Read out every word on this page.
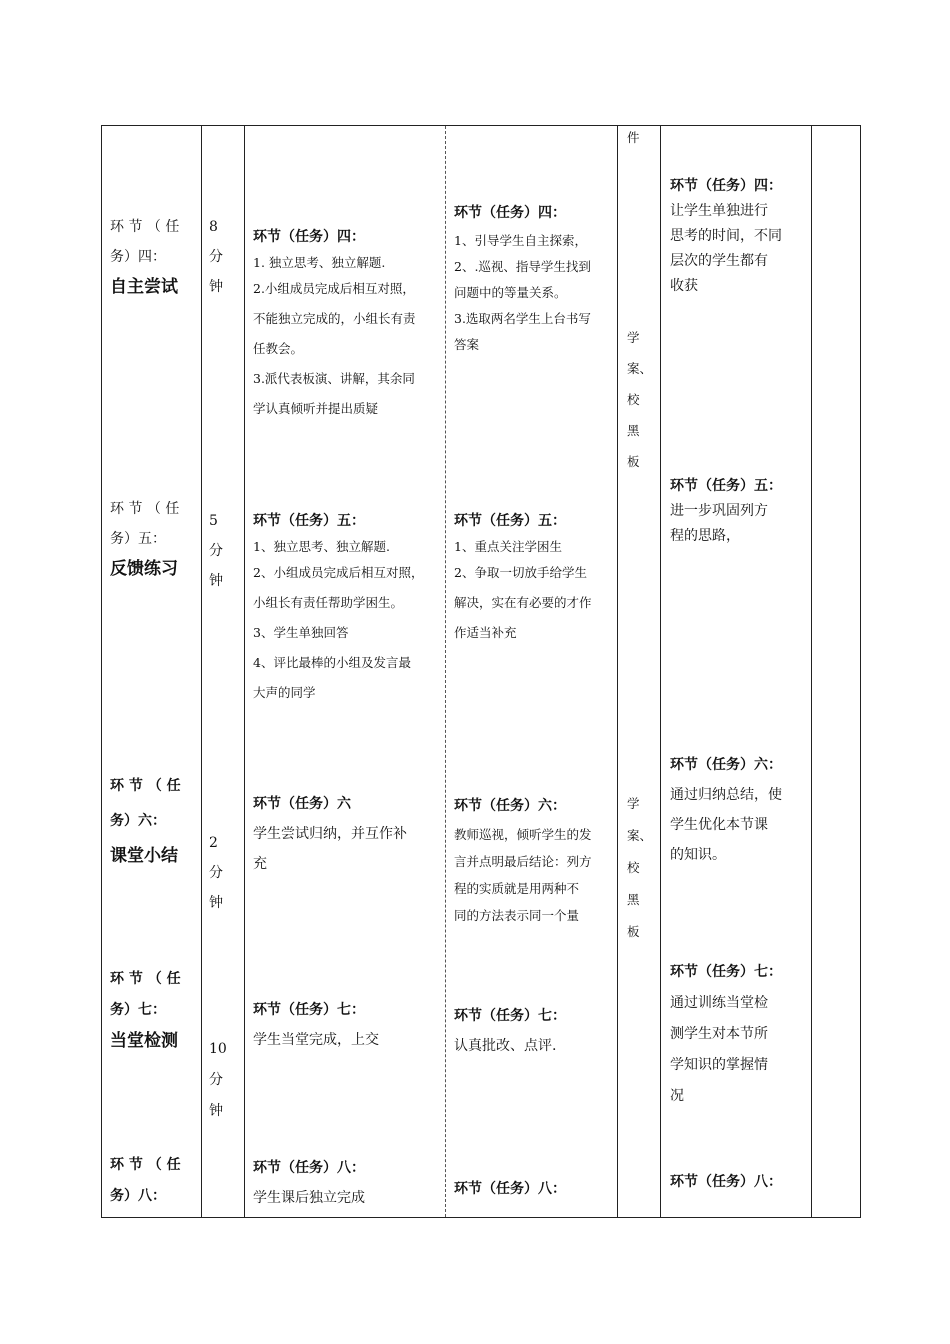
环 节 （ 任
务）四：
自主尝试
环 节 （ 任
务）五：
反馈练习
环 节 （ 任
务）六：
课堂小结
环 节 （ 任
务）七：
当堂检测
环 节 （ 任
务）八：
8
分
钟
5
分
钟
2
分
钟
10
分
钟
环节（任务）四：
1. 独立思考、独立解题.
2.小组成员完成后相互对照，
不能独立完成的，小组长有责
任教会。
3.派代表板演、讲解，其余同
学认真倾听并提出质疑
环节（任务）五：
1、独立思考、独立解题.
2、小组成员完成后相互对照，
小组长有责任帮助学困生。
3、学生单独回答
4、评比最棒的小组及发言最
大声的同学
环节（任务）六
学生尝试归纳，并互作补
充
环节（任务）七：
学生当堂完成，上交
环节（任务）八：
学生课后独立完成
环节（任务）四：
1、引导学生自主探索，
2、.巡视、指导学生找到
问题中的等量关系。
3.选取两名学生上台书写
答案
环节（任务）五：
1、重点关注学困生
2、争取一切放手给学生
解决，实在有必要的才作
作适当补充
环节（任务）六：
教师巡视，倾听学生的发
言并点明最后结论：列方
程的实质就是用两种不
同的方法表示同一个量
环节（任务）七：
认真批改、点评.
环节（任务）八：
件
学
案、
校
黑
板
学
案、
校
黑
板
环节（任务）四：
让学生单独进行
思考的时间，不同
层次的学生都有
收获
环节（任务）五：
进一步巩固列方
程的思路，
环节（任务）六：
通过归纳总结，使
学生优化本节课
的知识。
环节（任务）七：
通过训练当堂检
测学生对本节所
学知识的掌握情
况
环节（任务）八：
